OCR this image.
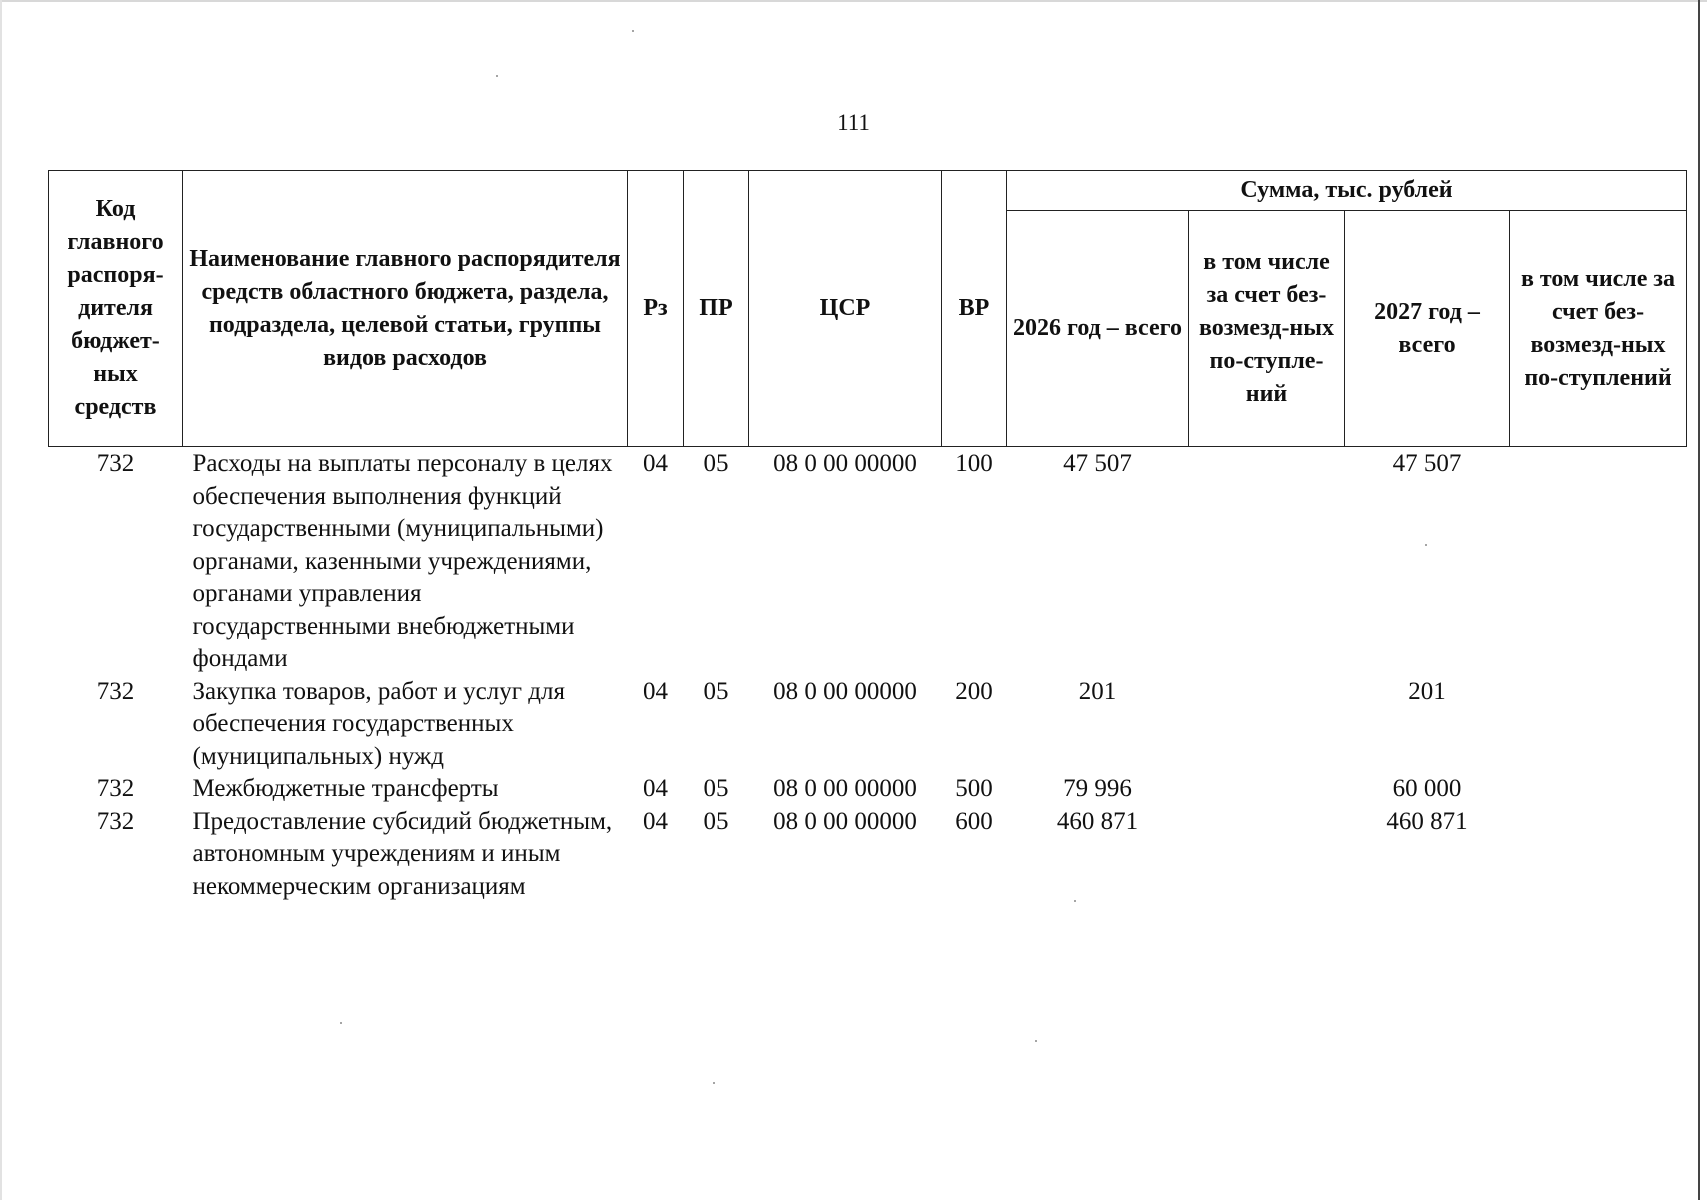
111
Код главного распоря-дителя бюджет-ных средств	Наименование главного распорядителя средств областного бюджета, раздела, подраздела, целевой статьи, группы видов расходов	Рз	ПР	ЦСР	ВР	Сумма, тыс. рублей			
						2026 год – всего	в том числе за счет без-возмезд-ных по-ступле-ний	2027 год – всего	в том числе за счет без-возмезд-ных по-ступлений
732	Расходы на выплаты персоналу в целях обеспечения выполнения функций государственными (муниципальными) органами, казенными учреждениями, органами управления государственными внебюджетными фондами	04	05	08 0 00 00000	100	47 507		47 507	
732	Закупка товаров, работ и услуг для обеспечения государственных (муниципальных) нужд	04	05	08 0 00 00000	200	201		201	
732	Межбюджетные трансферты	04	05	08 0 00 00000	500	79 996		60 000	
732	Предоставление субсидий бюджетным, автономным учреждениям и иным некоммерческим организациям	04	05	08 0 00 00000	600	460 871		460 871	
